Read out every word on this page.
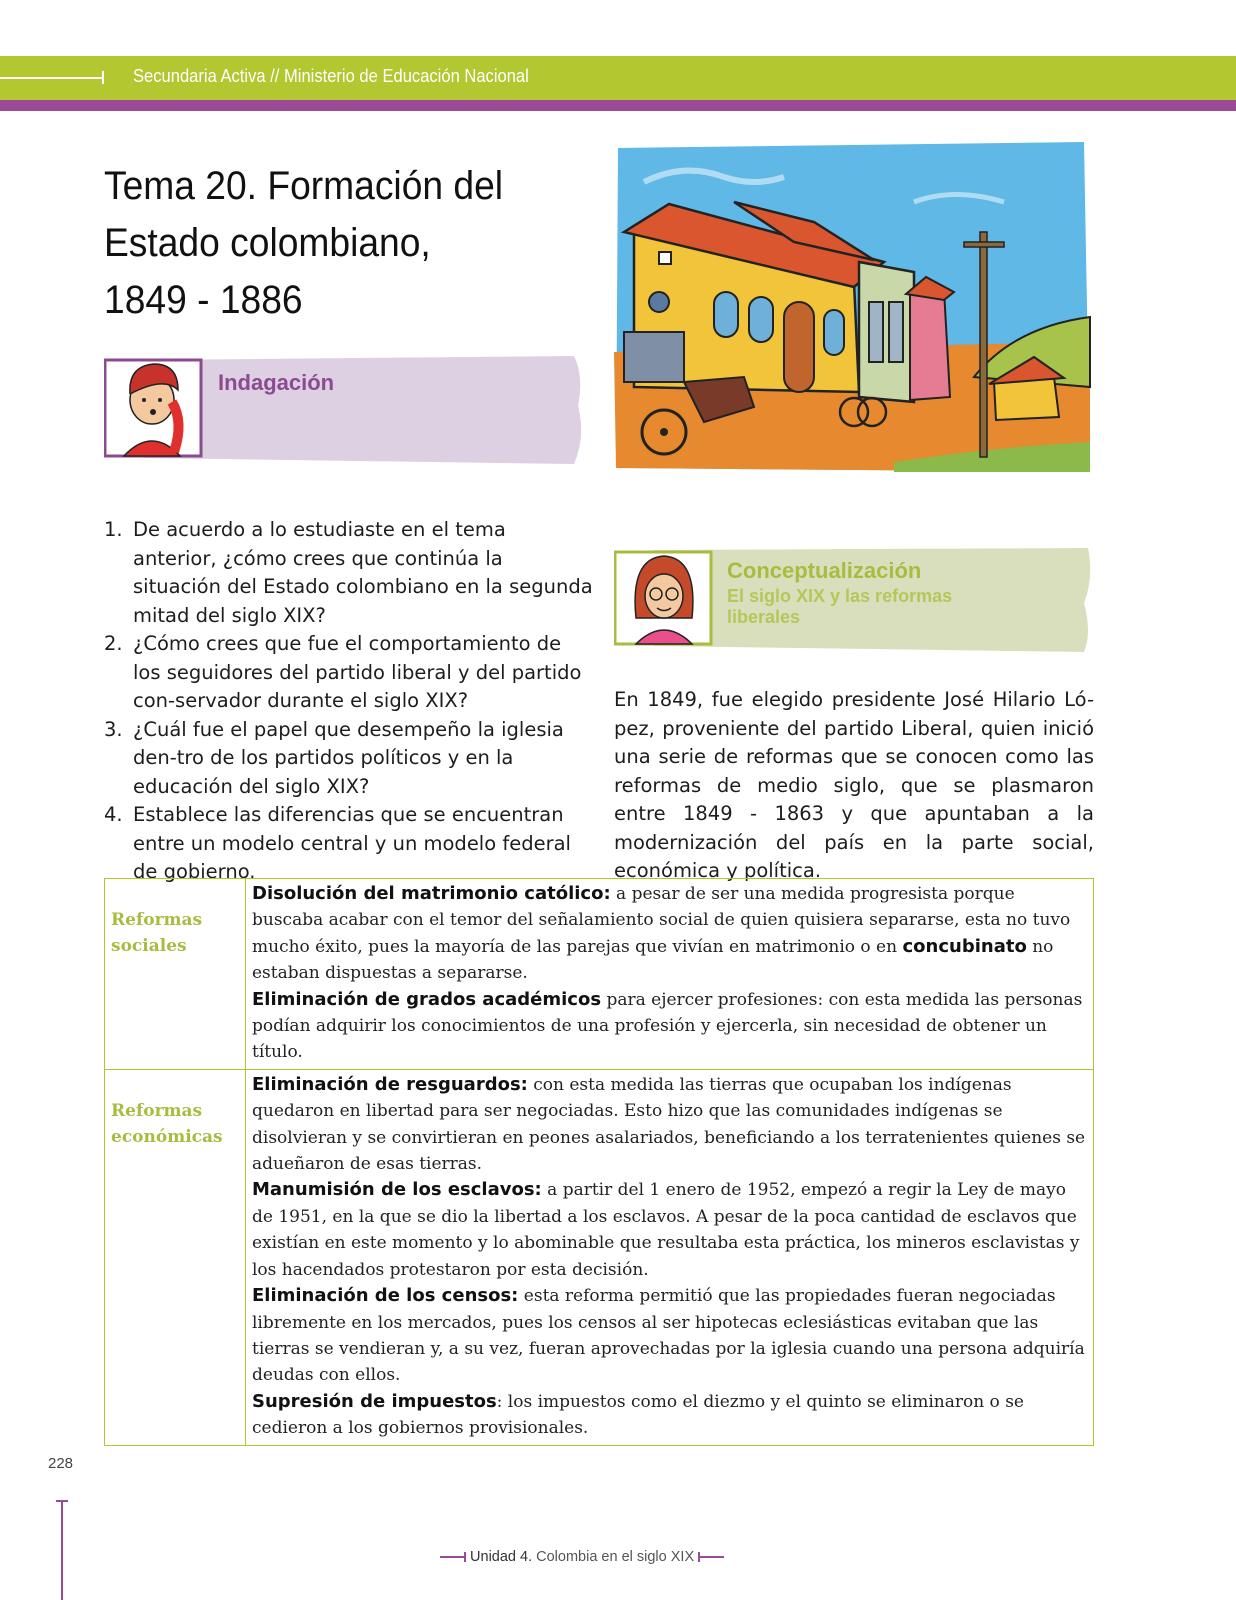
Secundaria Activa // Ministerio de Educación Nacional
Tema 20. Formación del
Estado colombiano,
1849 - 1886
Indagación
1. De acuerdo a lo estudiaste en el tema anterior, ¿cómo crees que continúa la situación del Estado colombiano en la segunda mitad del siglo XIX?
2. ¿Cómo crees que fue el comportamiento de los seguidores del partido liberal y del partido con-servador durante el siglo XIX?
3. ¿Cuál fue el papel que desempeño la iglesia den-tro de los partidos políticos y en la educación del siglo XIX?
4. Establece las diferencias que se encuentran entre un modelo central y un modelo federal de gobierno.
Conceptualización
El siglo XIX y las reformas liberales

En 1849, fue elegido presidente José Hilario Ló-pez, proveniente del partido Liberal, quien inició una serie de reformas que se conocen como las reformas de medio siglo, que se plasmaron entre 1849 - 1863 y que apuntaban a la modernización del país en la parte social, económica y política.

Reformas sociales	Disolución del matrimonio católico: a pesar de ser una medida progresista porque buscaba acabar con el temor del señalamiento social de quien quisiera separarse, esta no tuvo mucho éxito, pues la mayoría de las parejas que vivían en matrimonio o en concubinato no estaban dispuestas a separarse.

Eliminación de grados académicos para ejercer profesiones: con esta medida las personas podían adquirir los conocimientos de una profesión y ejercerla, sin necesidad de obtener un título.

Reformas económicas	Eliminación de resguardos: con esta medida las tierras que ocupaban los indígenas quedaron en libertad para ser negociadas. Esto hizo que las comunidades indígenas se disolvieran y se convirtieran en peones asalariados, beneficiando a los terratenientes quienes se adueñaron de esas tierras.

Manumisión de los esclavos: a partir del 1 enero de 1952, empezó a regir la Ley de mayo de 1951, en la que se dio la libertad a los esclavos. A pesar de la poca cantidad de esclavos que existían en este momento y lo abominable que resultaba esta práctica, los mineros esclavistas y los hacendados protestaron por esta decisión.

Eliminación de los censos: esta reforma permitió que las propiedades fueran negociadas libremente en los mercados, pues los censos al ser hipotecas eclesiásticas evitaban que las tierras se vendieran y, a su vez, fueran aprovechadas por la iglesia cuando una persona adquiría deudas con ellos.

Supresión de impuestos: los impuestos como el diezmo y el quinto se eliminaron o se cedieron a los gobiernos provisionales.

228
Unidad 4. Colombia en el siglo XIX
